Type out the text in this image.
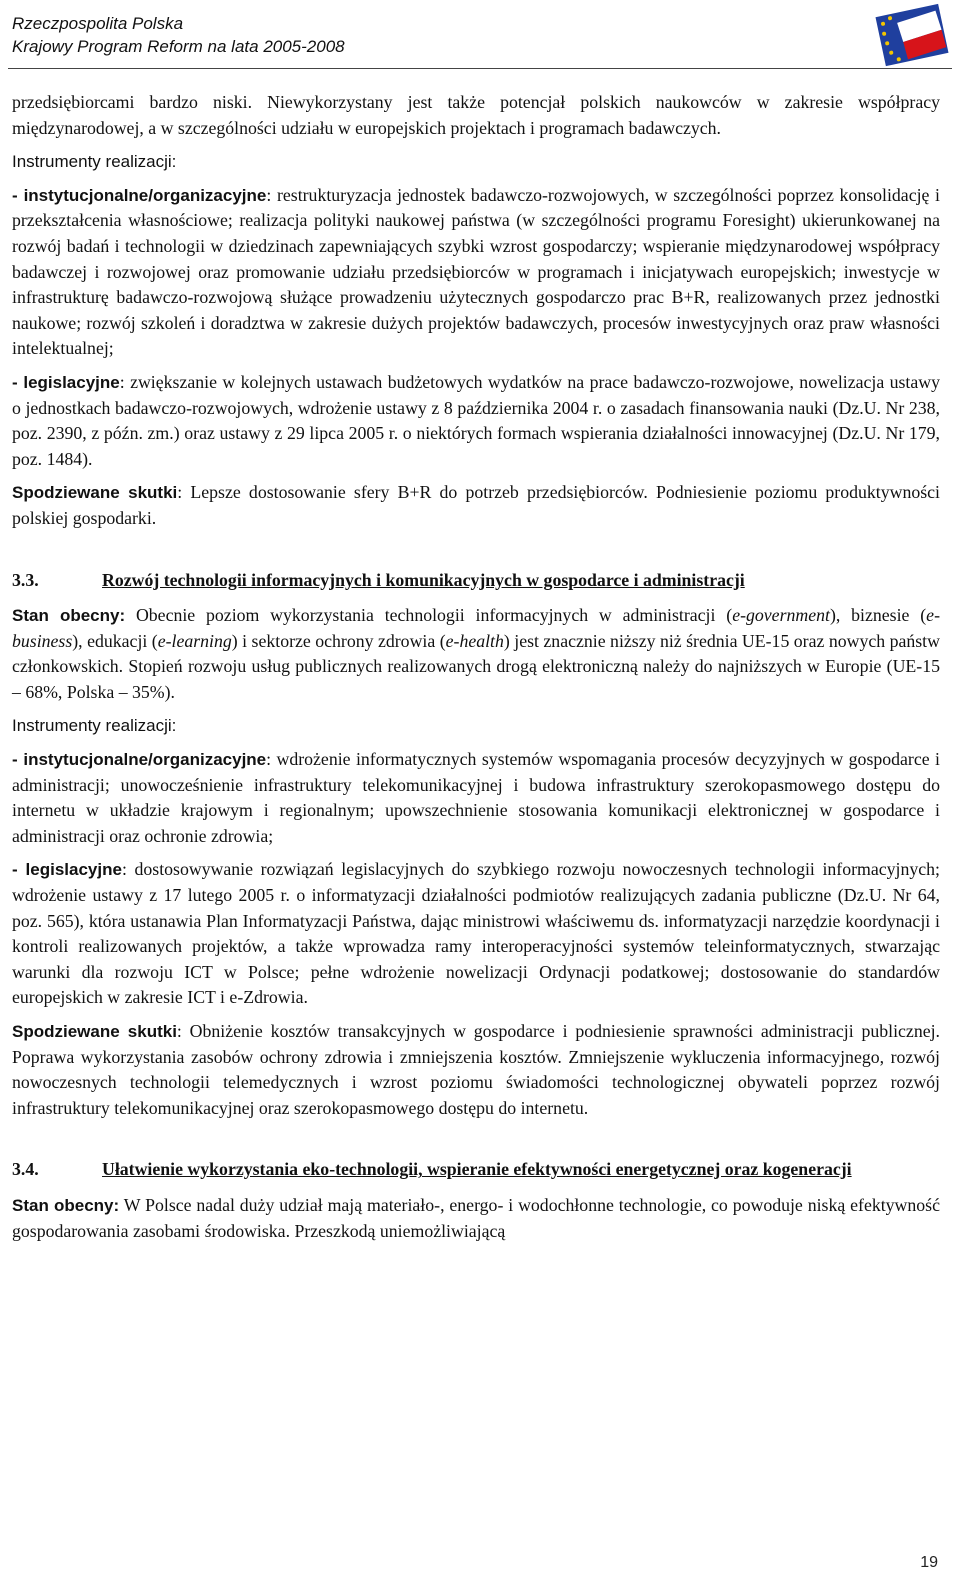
Rzeczpospolita Polska
Krajowy Program Reform na lata 2005-2008

przedsiębiorcami bardzo niski. Niewykorzystany jest także potencjał polskich naukowców w zakresie współpracy międzynarodowej, a w szczególności udziału w europejskich projektach i programach badawczych.

Instrumenty realizacji:

- instytucjonalne/organizacyjne: restrukturyzacja jednostek badawczo-rozwojowych, w szczególności poprzez konsolidację i przekształcenia własnościowe; realizacja polityki naukowej państwa (w szczególności programu Foresight) ukierunkowanej na rozwój badań i technologii w dziedzinach zapewniających szybki wzrost gospodarczy; wspieranie międzynarodowej współpracy badawczej i rozwojowej oraz promowanie udziału przedsiębiorców w programach i inicjatywach europejskich; inwestycje w infrastrukturę badawczo-rozwojową służące prowadzeniu użytecznych gospodarczo prac B+R, realizowanych przez jednostki naukowe; rozwój szkoleń i doradztwa w zakresie dużych projektów badawczych, procesów inwestycyjnych oraz praw własności intelektualnej;

- legislacyjne: zwiększanie w kolejnych ustawach budżetowych wydatków na prace badawczo-rozwojowe, nowelizacja ustawy o jednostkach badawczo-rozwojowych, wdrożenie ustawy z 8 października 2004 r. o zasadach finansowania nauki (Dz.U. Nr 238, poz. 2390, z późn. zm.) oraz ustawy z 29 lipca 2005 r. o niektórych formach wspierania działalności innowacyjnej (Dz.U. Nr 179, poz. 1484).

Spodziewane skutki: Lepsze dostosowanie sfery B+R do potrzeb przedsiębiorców. Podniesienie poziomu produktywności polskiej gospodarki.

3.3.	Rozwój technologii informacyjnych i komunikacyjnych w gospodarce i administracji

Stan obecny: Obecnie poziom wykorzystania technologii informacyjnych w administracji (e-government), biznesie (e-business), edukacji (e-learning) i sektorze ochrony zdrowia (e-health) jest znacznie niższy niż średnia UE-15 oraz nowych państw członkowskich. Stopień rozwoju usług publicznych realizowanych drogą elektroniczną należy do najniższych w Europie (UE-15 – 68%, Polska – 35%).

Instrumenty realizacji:

- instytucjonalne/organizacyjne: wdrożenie informatycznych systemów wspomagania procesów decyzyjnych w gospodarce i administracji; unowocześnienie infrastruktury telekomunikacyjnej i budowa infrastruktury szerokopasmowego dostępu do internetu w układzie krajowym i regionalnym; upowszechnienie stosowania komunikacji elektronicznej w gospodarce i administracji oraz ochronie zdrowia;

- legislacyjne: dostosowywanie rozwiązań legislacyjnych do szybkiego rozwoju nowoczesnych technologii informacyjnych; wdrożenie ustawy z 17 lutego 2005 r. o informatyzacji działalności podmiotów realizujących zadania publiczne (Dz.U. Nr 64, poz. 565), która ustanawia Plan Informatyzacji Państwa, dając ministrowi właściwemu ds. informatyzacji narzędzie koordynacji i kontroli realizowanych projektów, a także wprowadza ramy interoperacyjności systemów teleinformatycznych, stwarzając warunki dla rozwoju ICT w Polsce; pełne wdrożenie nowelizacji Ordynacji podatkowej; dostosowanie do standardów europejskich w zakresie ICT i e-Zdrowia.

Spodziewane skutki: Obniżenie kosztów transakcyjnych w gospodarce i podniesienie sprawności administracji publicznej. Poprawa wykorzystania zasobów ochrony zdrowia i zmniejszenia kosztów. Zmniejszenie wykluczenia informacyjnego, rozwój nowoczesnych technologii telemedycznych i wzrost poziomu świadomości technologicznej obywateli poprzez rozwój infrastruktury telekomunikacyjnej oraz szerokopasmowego dostępu do internetu.

3.4.	Ułatwienie wykorzystania eko-technologii, wspieranie efektywności energetycznej oraz kogeneracji

Stan obecny: W Polsce nadal duży udział mają materiało-, energo- i wodochłonne technologie, co powoduje niską efektywność gospodarowania zasobami środowiska. Przeszkodą uniemożliwiającą

19
